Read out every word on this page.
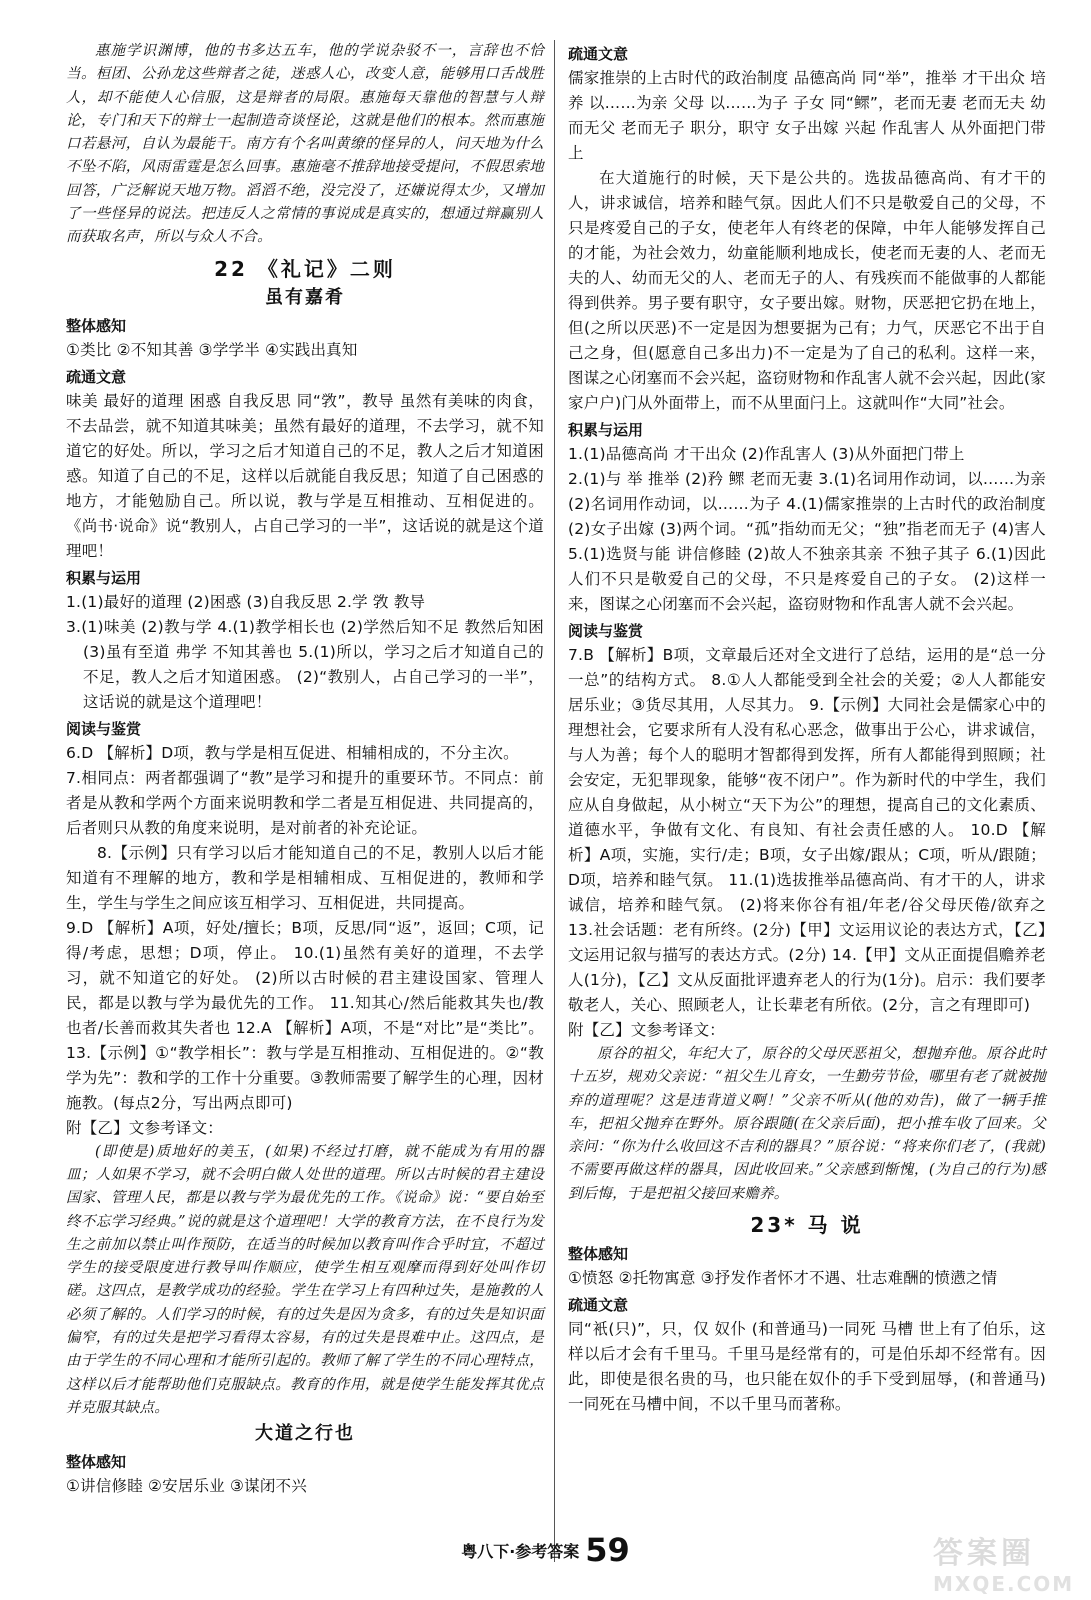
惠施学识渊博，他的书多达五车，他的学说杂驳不一，言辞也不恰当。桓团、公孙龙这些辩者之徒，迷惑人心，改变人意，能够用口舌战胜人，却不能使人心信服，这是辩者的局限。惠施每天靠他的智慧与人辩论，专门和天下的辩士一起制造奇谈怪论，这就是他们的根本。然而惠施口若悬河，自认为最能干。南方有个名叫黄缭的怪异的人，问天地为什么不坠不陷，风雨雷霆是怎么回事。惠施毫不推辞地接受提问，不假思索地回答，广泛解说天地万物。滔滔不绝，没完没了，还嫌说得太少，又增加了一些怪异的说法。把违反人之常情的事说成是真实的，想通过辩赢别人而获取名声，所以与众人不合。

22 《礼记》二则

虽有嘉肴

整体感知

①类比 ②不知其善 ③学学半 ④实践出真知

疏通文意

味美 最好的道理 困惑 自我反思 同“敩”，教导 虽然有美味的肉食，不去品尝，就不知道其味美；虽然有最好的道理，不去学习，就不知道它的好处。所以，学习之后才知道自己的不足，教人之后才知道困惑。知道了自己的不足，这样以后就能自我反思；知道了自己困惑的地方，才能勉励自己。所以说，教与学是互相推动、互相促进的。《尚书·说命》说“教别人，占自己学习的一半”，这话说的就是这个道理吧！

积累与运用

1.(1)最好的道理 (2)困惑 (3)自我反思 2.学 敩 教导

3.(1)味美 (2)教与学 4.(1)教学相长也 (2)学然后知不足 教然后知困 (3)虽有至道 弗学 不知其善也 5.(1)所以，学习之后才知道自己的不足，教人之后才知道困惑。 (2)“教别人，占自己学习的一半”，这话说的就是这个道理吧！

阅读与鉴赏

6.D 【解析】D项，教与学是相互促进、相辅相成的，不分主次。

7.相同点：两者都强调了“教”是学习和提升的重要环节。不同点：前者是从教和学两个方面来说明教和学二者是互相促进、共同提高的，后者则只从教的角度来说明，是对前者的补充论证。

8.【示例】只有学习以后才能知道自己的不足，教别人以后才能知道有不理解的地方，教和学是相辅相成、互相促进的，教师和学生，学生与学生之间应该互相学习、互相促进，共同提高。

9.D 【解析】A项，好处/擅长；B项，反思/同“返”，返回；C项，记得/考虑，思想；D项，停止。 10.(1)虽然有美好的道理，不去学习，就不知道它的好处。 (2)所以古时候的君主建设国家、管理人民，都是以教与学为最优先的工作。 11.知其心/然后能救其失也/教也者/长善而救其失者也 12.A 【解析】A项，不是“对比”是“类比”。 13.【示例】①“教学相长”：教与学是互相推动、互相促进的。②“教学为先”：教和学的工作十分重要。③教师需要了解学生的心理，因材施教。(每点2分，写出两点即可)

附【乙】文参考译文：

(即使是)质地好的美玉，(如果)不经过打磨，就不能成为有用的器皿；人如果不学习，就不会明白做人处世的道理。所以古时候的君主建设国家、管理人民，都是以教与学为最优先的工作。《说命》说：“要自始至终不忘学习经典。”说的就是这个道理吧！大学的教育方法，在不良行为发生之前加以禁止叫作预防，在适当的时候加以教育叫作合乎时宜，不超过学生的接受限度进行教导叫作顺应，使学生相互观摩而得到好处叫作切磋。这四点，是教学成功的经验。学生在学习上有四种过失，是施教的人必须了解的。人们学习的时候，有的过失是因为贪多，有的过失是知识面偏窄，有的过失是把学习看得太容易，有的过失是畏难中止。这四点，是由于学生的不同心理和才能所引起的。教师了解了学生的不同心理特点，这样以后才能帮助他们克服缺点。教育的作用，就是使学生能发挥其优点并克服其缺点。

大道之行也

整体感知

①讲信修睦 ②安居乐业 ③谋闭不兴

疏通文意

儒家推崇的上古时代的政治制度 品德高尚 同“举”，推举 才干出众 培养 以……为亲 父母 以……为子 子女 同“鳏”，老而无妻 老而无夫 幼而无父 老而无子 职分，职守 女子出嫁 兴起 作乱害人 从外面把门带上

在大道施行的时候，天下是公共的。选拔品德高尚、有才干的人，讲求诚信，培养和睦气氛。因此人们不只是敬爱自己的父母，不只是疼爱自己的子女，使老年人有终老的保障，中年人能够发挥自己的才能，为社会效力，幼童能顺利地成长，使老而无妻的人、老而无夫的人、幼而无父的人、老而无子的人、有残疾而不能做事的人都能得到供养。男子要有职守，女子要出嫁。财物，厌恶把它扔在地上，但(之所以厌恶)不一定是因为想要据为己有；力气，厌恶它不出于自己之身，但(愿意自己多出力)不一定是为了自己的私利。这样一来，图谋之心闭塞而不会兴起，盗窃财物和作乱害人就不会兴起，因此(家家户户)门从外面带上，而不从里面闩上。这就叫作“大同”社会。

积累与运用

1.(1)品德高尚 才干出众 (2)作乱害人 (3)从外面把门带上

2.(1)与 举 推举 (2)矜 鳏 老而无妻 3.(1)名词用作动词，以……为亲 (2)名词用作动词，以……为子 4.(1)儒家推崇的上古时代的政治制度 (2)女子出嫁 (3)两个词。“孤”指幼而无父；“独”指老而无子 (4)害人 5.(1)选贤与能 讲信修睦 (2)故人不独亲其亲 不独子其子 6.(1)因此人们不只是敬爱自己的父母，不只是疼爱自己的子女。 (2)这样一来，图谋之心闭塞而不会兴起，盗窃财物和作乱害人就不会兴起。

阅读与鉴赏

7.B 【解析】B项，文章最后还对全文进行了总结，运用的是“总一分一总”的结构方式。 8.①人人都能受到全社会的关爱；②人人都能安居乐业；③货尽其用，人尽其力。 9.【示例】大同社会是儒家心中的理想社会，它要求所有人没有私心恶念，做事出于公心，讲求诚信，与人为善；每个人的聪明才智都得到发挥，所有人都能得到照顾；社会安定，无犯罪现象，能够“夜不闭户”。作为新时代的中学生，我们应从自身做起，从小树立“天下为公”的理想，提高自己的文化素质、道德水平，争做有文化、有良知、有社会责任感的人。 10.D 【解析】A项，实施，实行/走；B项，女子出嫁/跟从；C项，听从/跟随；D项，培养和睦气氛。 11.(1)选拔推举品德高尚、有才干的人，讲求诚信，培养和睦气氛。 (2)将来你谷有祖/年老/谷父母厌倦/欲弃之 13.社会话题：老有所终。(2分)【甲】文运用议论的表达方式，【乙】文运用记叙与描写的表达方式。(2分) 14.【甲】文从正面提倡赡养老人(1分)，【乙】文从反面批评遗弃老人的行为(1分)。启示：我们要孝敬老人，关心、照顾老人，让长辈老有所依。(2分，言之有理即可)

附【乙】文参考译文：

原谷的祖父，年纪大了，原谷的父母厌恶祖父，想抛弃他。原谷此时十五岁，规劝父亲说：“祖父生儿育女，一生勤劳节俭，哪里有老了就被抛弃的道理呢？这是违背道义啊！”父亲不听从(他的劝告)，做了一辆手推车，把祖父抛弃在野外。原谷跟随(在父亲后面)，把小推车收了回来。父亲问：“你为什么收回这不吉利的器具？”原谷说：“将来你们老了，(我就)不需要再做这样的器具，因此收回来。”父亲感到惭愧，(为自己的行为)感到后悔，于是把祖父接回来赡养。

23* 马 说

整体感知

①愤怒 ②托物寓意 ③抒发作者怀才不遇、壮志难酬的愤懑之情

疏通文意

同“衹(只)”，只，仅 奴仆 (和普通马)一同死 马槽 世上有了伯乐，这样以后才会有千里马。千里马是经常有的，可是伯乐却不经常有。因此，即使是很名贵的马，也只能在奴仆的手下受到屈辱，(和普通马)一同死在马槽中间，不以千里马而著称。

粤八下·参考答案 59	答案圈
MXQE.COM
